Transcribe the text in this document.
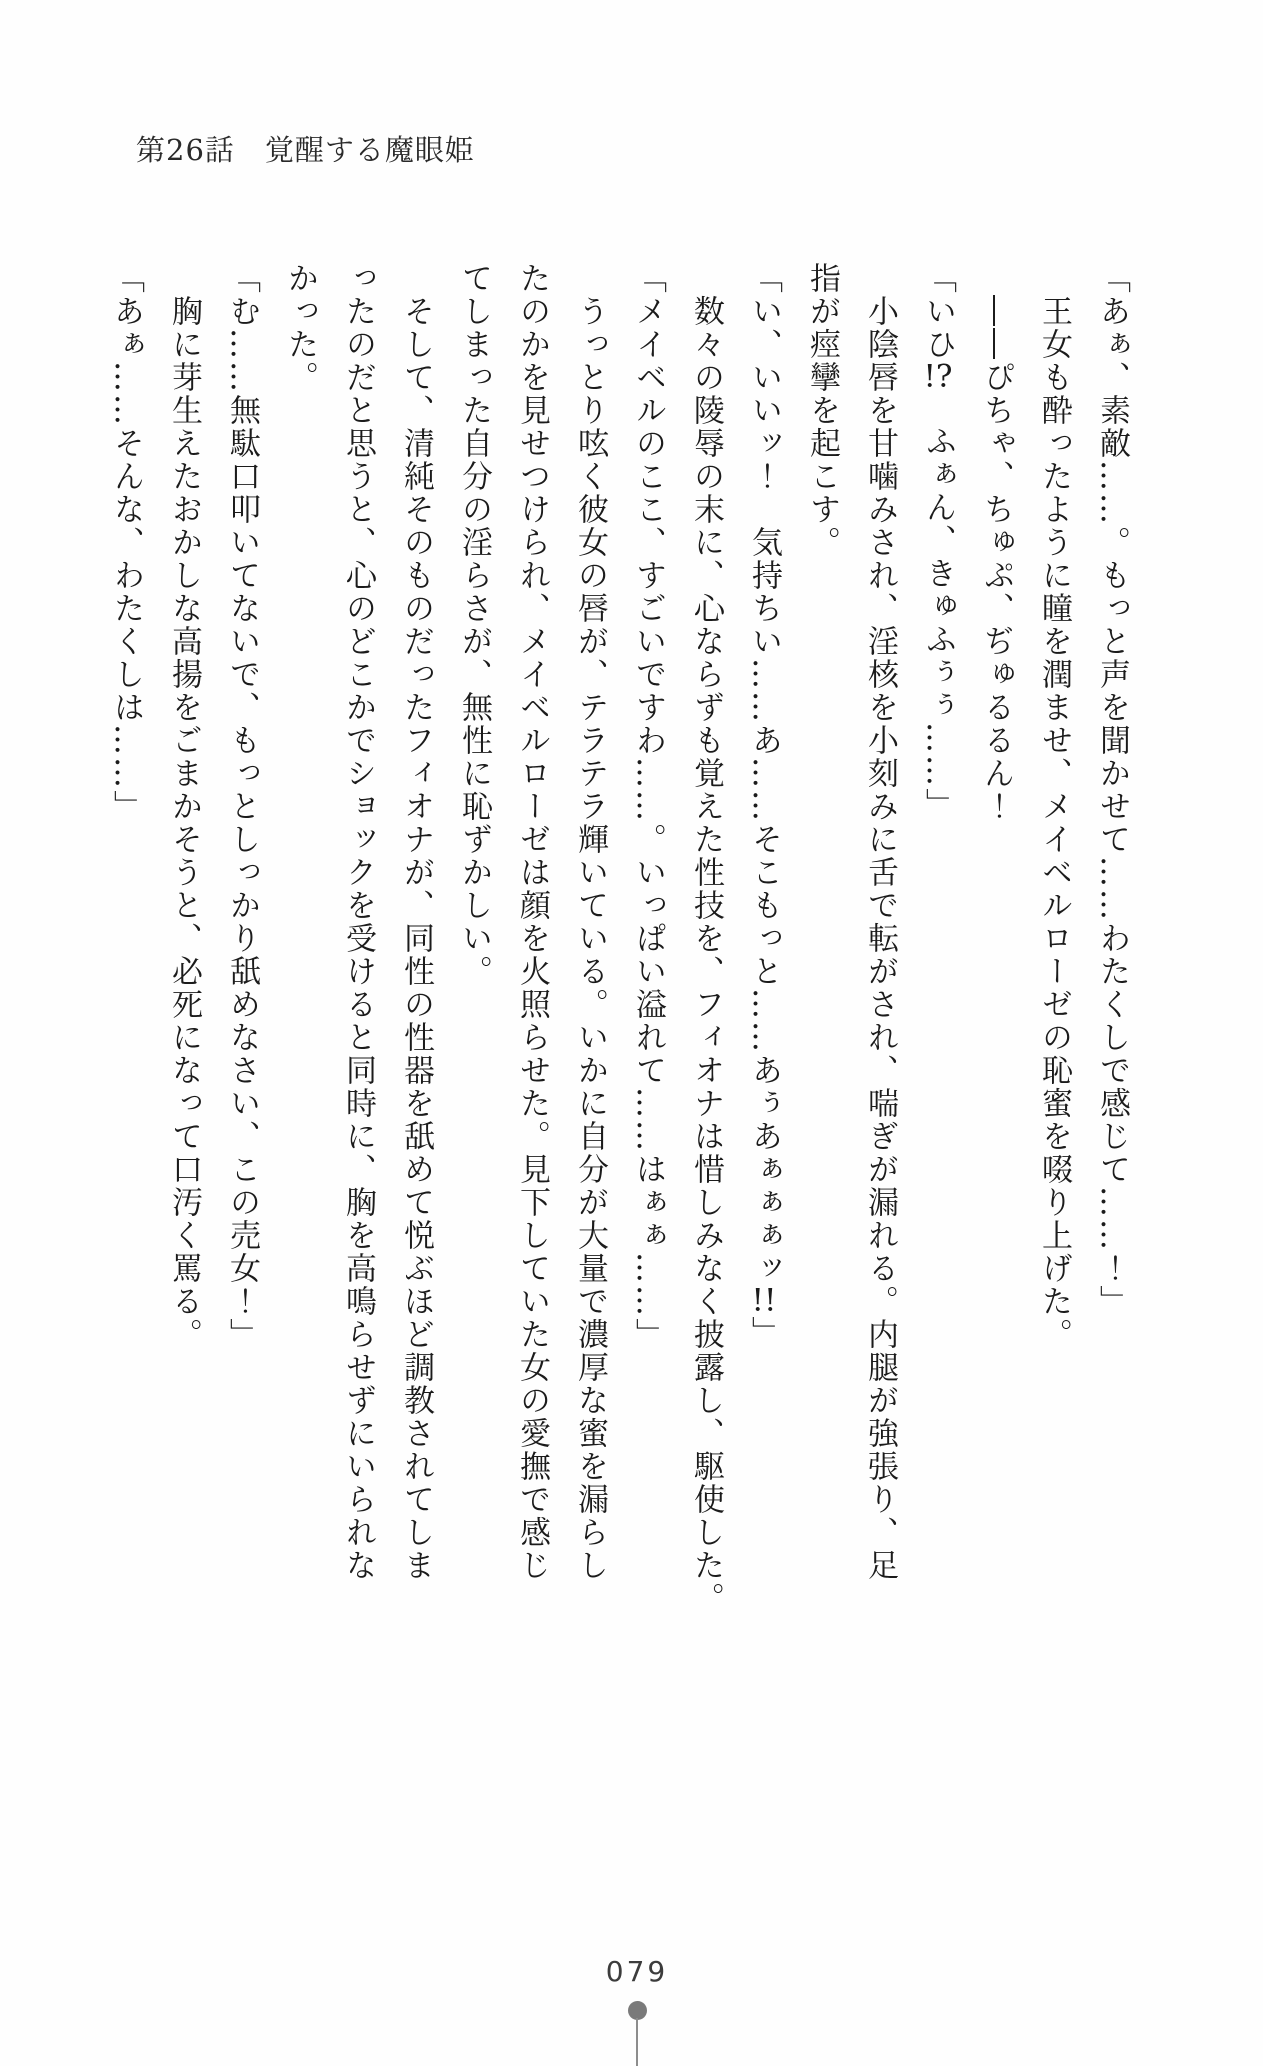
第26話　覚醒する魔眼姫

「あぁ、素敵……。もっと声を聞かせて……わたくしで感じて……！」

王女も酔ったように瞳を潤ませ、メイベルローゼの恥蜜を啜り上げた。

――ぴちゃ、ちゅぷ、ぢゅるるん！

「いひ!?　ふぁん、きゅふぅぅ……」

小陰唇を甘噛みされ、淫核を小刻みに舌で転がされ、喘ぎが漏れる。内腿が強張り、足

指が痙攣を起こす。

「い、いいッ！　気持ちい……あ……そこもっと……あぅあぁぁぁッ!!」

数々の陵辱の末に、心ならずも覚えた性技を、フィオナは惜しみなく披露し、駆使した。

「メイベルのここ、すごいですわ……。いっぱい溢れて……はぁぁ……」

うっとり呟く彼女の唇が、テラテラ輝いている。いかに自分が大量で濃厚な蜜を漏らし

たのかを見せつけられ、メイベルローゼは顔を火照らせた。見下していた女の愛撫で感じ

てしまった自分の淫らさが、無性に恥ずかしい。

そして、清純そのものだったフィオナが、同性の性器を舐めて悦ぶほど調教されてしま

ったのだと思うと、心のどこかでショックを受けると同時に、胸を高鳴らせずにいられな

かった。

「む……無駄口叩いてないで、もっとしっかり舐めなさい、この売女！」

胸に芽生えたおかしな高揚をごまかそうと、必死になって口汚く罵る。

「あぁ……そんな、わたくしは……」

079
